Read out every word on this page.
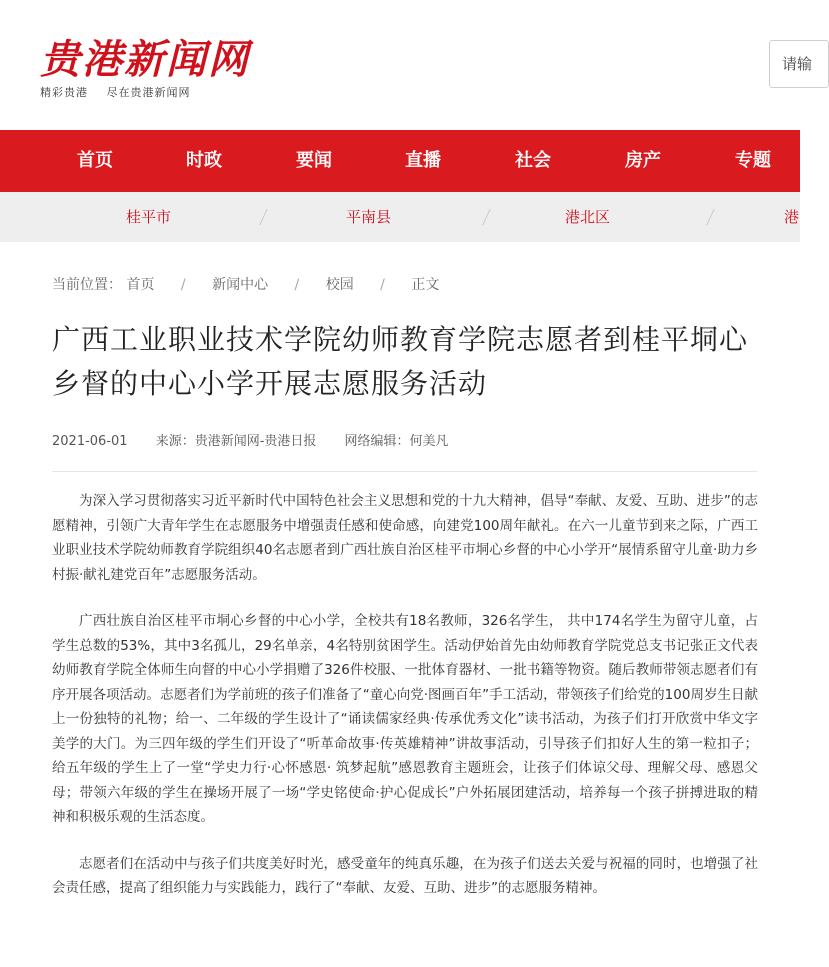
贵港新闻网
精彩贵港 尽在贵港新闻网
请输
首页	时政	要闻	直播	社会	房产	专题
桂平市	平南县	港北区	港
当前位置： 首页 / 新闻中心 / 校园 / 正文
广西工业职业技术学院幼师教育学院志愿者到桂平垌心乡督的中心小学开展志愿服务活动
2021-06-01 来源：贵港新闻网-贵港日报 网络编辑：何美凡

为深入学习贯彻落实习近平新时代中国特色社会主义思想和党的十九大精神，倡导“奉献、友爱、互助、进步”的志愿精神，引领广大青年学生在志愿服务中增强责任感和使命感，向建党100周年献礼。在六一儿童节到来之际，广西工业职业技术学院幼师教育学院组织40名志愿者到广西壮族自治区桂平市垌心乡督的中心小学开“展情系留守儿童·助力乡村振·献礼建党百年”志愿服务活动。

广西壮族自治区桂平市垌心乡督的中心小学，全校共有18名教师，326名学生， 共中174名学生为留守儿童，占学生总数的53%，其中3名孤儿，29名单亲，4名特别贫困学生。活动伊始首先由幼师教育学院党总支书记张正文代表幼师教育学院全体师生向督的中心小学捐赠了326件校服、一批体育器材、一批书籍等物资。随后教师带领志愿者们有序开展各项活动。志愿者们为学前班的孩子们准备了“童心向党·图画百年”手工活动，带领孩子们给党的100周岁生日献上一份独特的礼物；给一、二年级的学生设计了“诵读儒家经典·传承优秀文化”读书活动，为孩子们打开欣赏中华文字美学的大门。为三四年级的学生们开设了“听革命故事·传英雄精神”讲故事活动，引导孩子们扣好人生的第一粒扣子；给五年级的学生上了一堂“学史力行·心怀感恩· 筑梦起航”感恩教育主题班会，让孩子们体谅父母、理解父母、感恩父母；带领六年级的学生在操场开展了一场“学史铭使命·护心促成长”户外拓展团建活动，培养每一个孩子拼搏进取的精神和积极乐观的生活态度。

志愿者们在活动中与孩子们共度美好时光，感受童年的纯真乐趣，在为孩子们送去关爱与祝福的同时，也增强了社会责任感，提高了组织能力与实践能力，践行了“奉献、友爱、互助、进步”的志愿服务精神。
